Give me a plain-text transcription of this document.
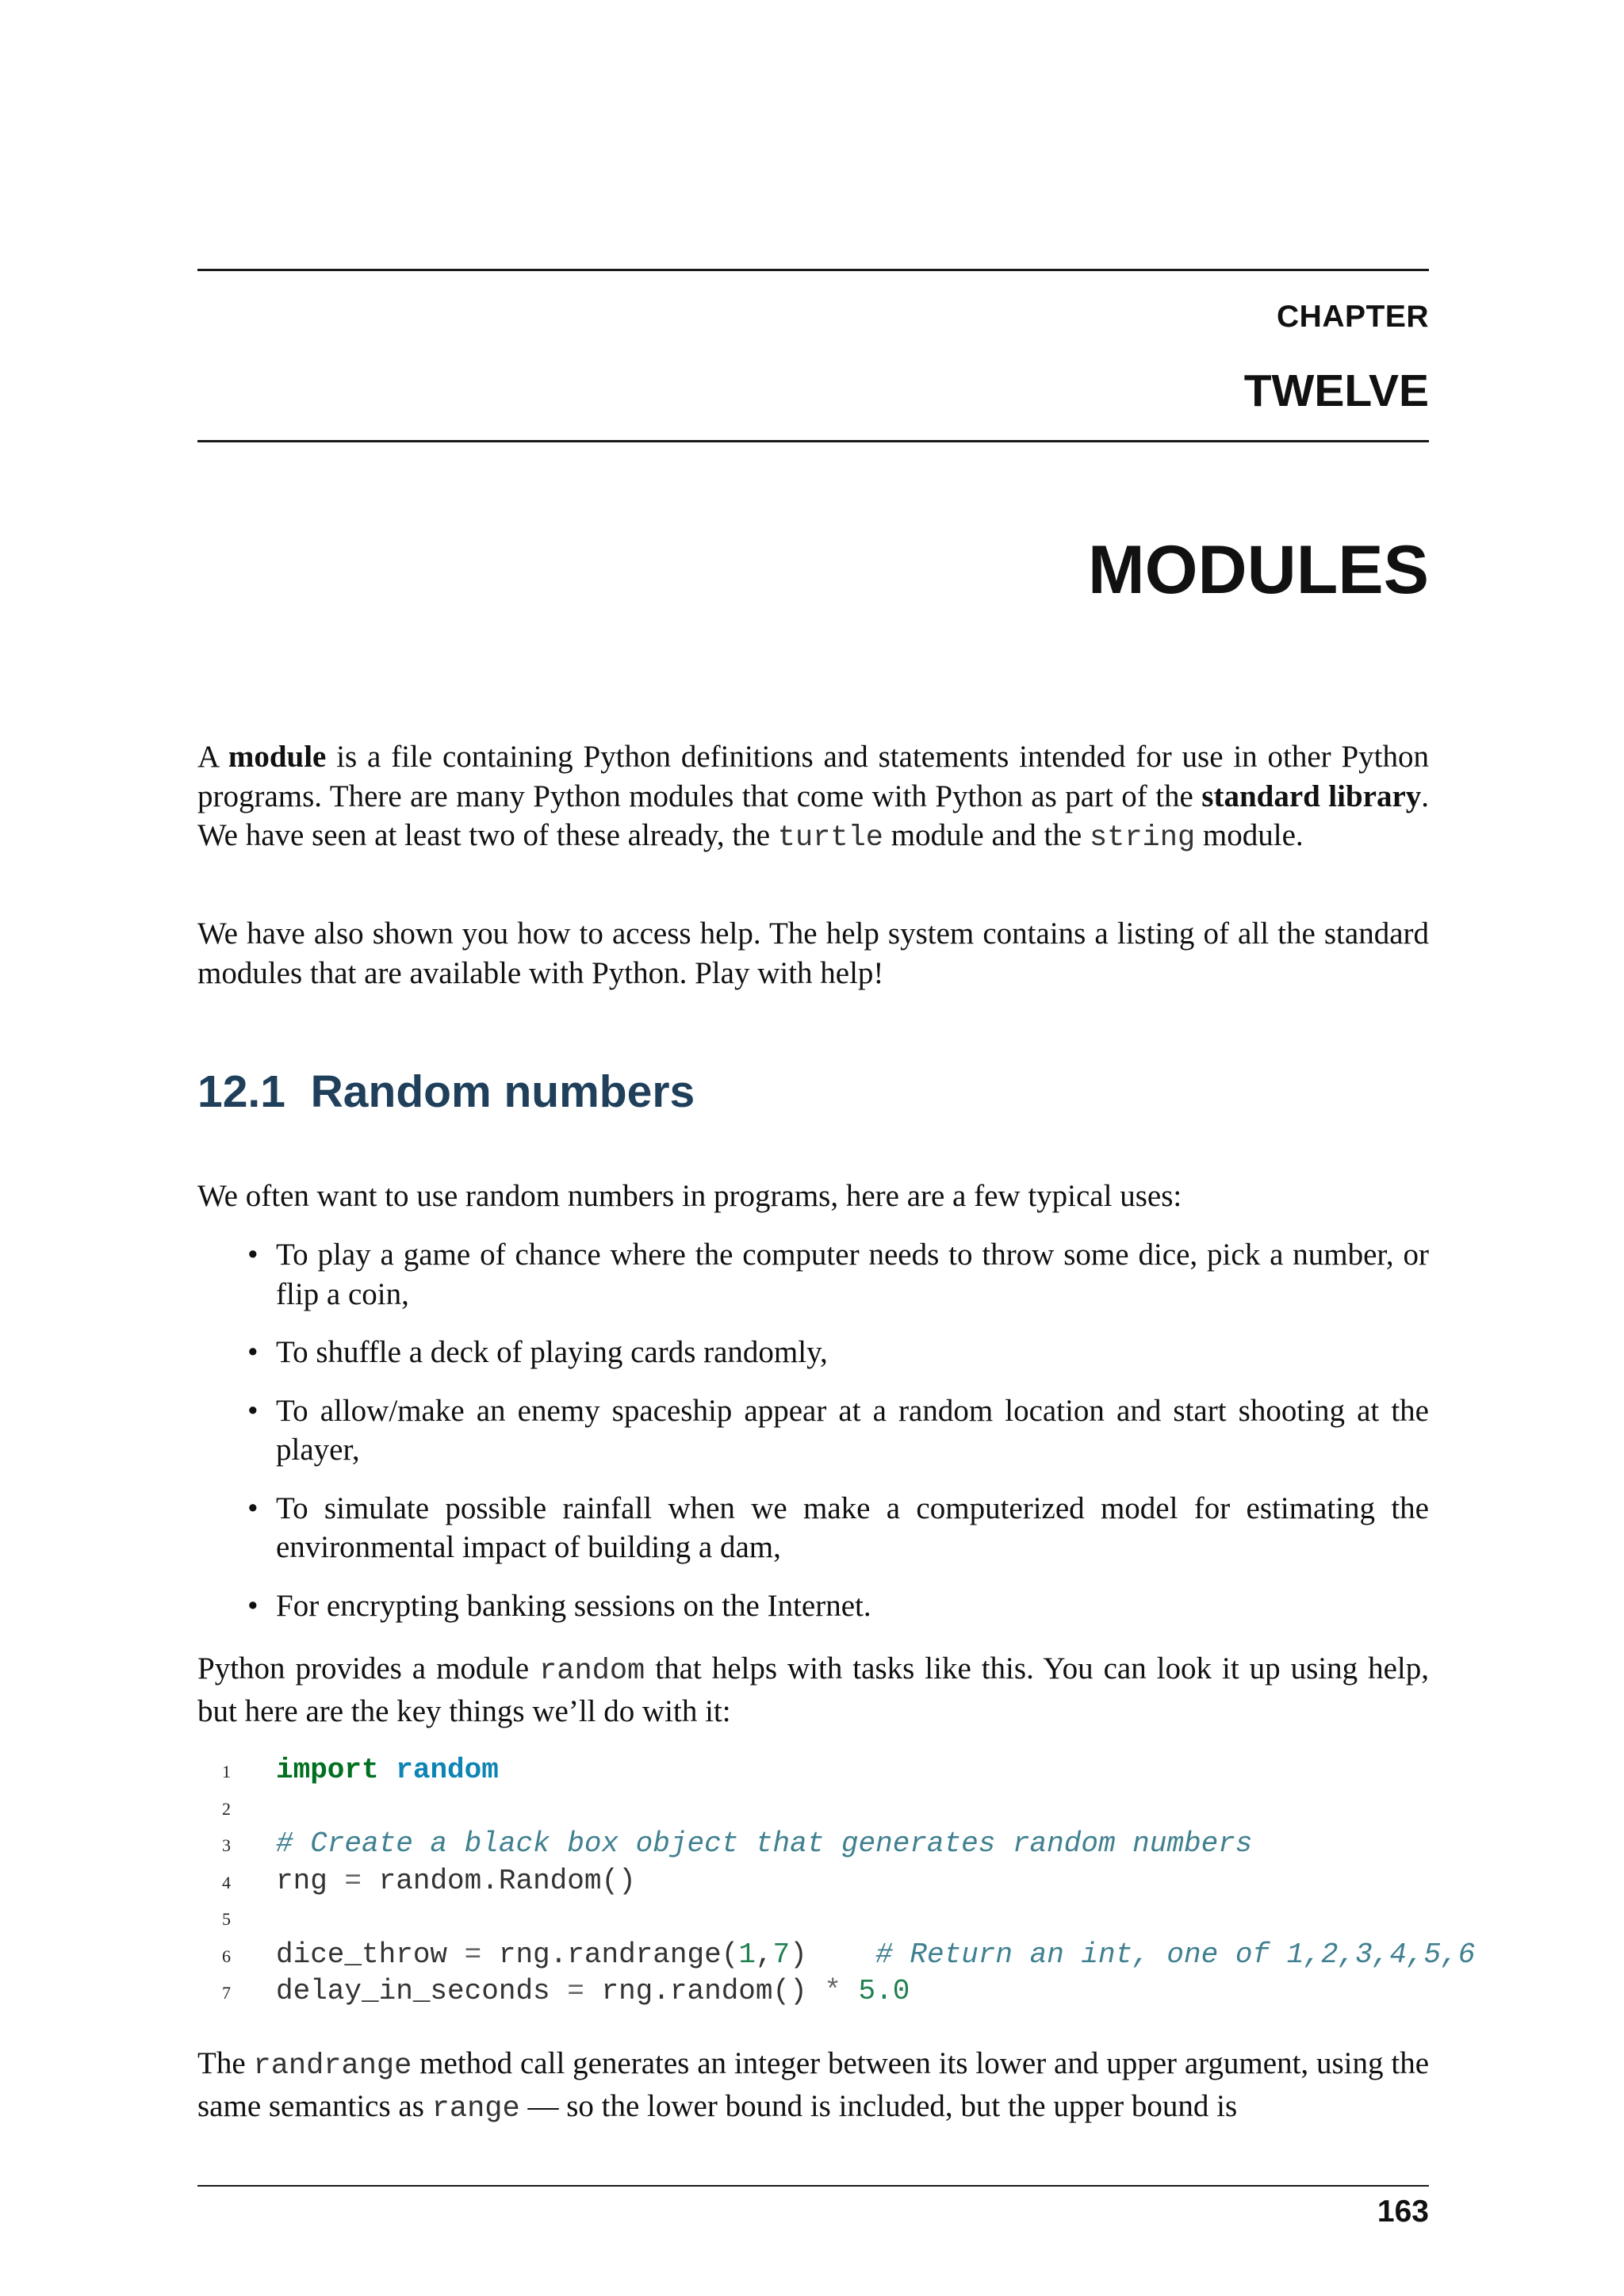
CHAPTER
TWELVE
MODULES

A module is a file containing Python definitions and statements intended for use in other Python programs. There are many Python modules that come with Python as part of the standard library. We have seen at least two of these already, the turtle module and the string module.

We have also shown you how to access help. The help system contains a listing of all the standard modules that are available with Python. Play with help!

12.1 Random numbers

We often want to use random numbers in programs, here are a few typical uses:

• To play a game of chance where the computer needs to throw some dice, pick a number, or flip a coin,
• To shuffle a deck of playing cards randomly,
• To allow/make an enemy spaceship appear at a random location and start shooting at the player,
• To simulate possible rainfall when we make a computerized model for estimating the environmental impact of building a dam,
• For encrypting banking sessions on the Internet.

Python provides a module random that helps with tasks like this. You can look it up using help, but here are the key things we’ll do with it:

1 import random
2
3 # Create a black box object that generates random numbers
4 rng = random.Random()
5
6 dice_throw = rng.randrange(1,7)    # Return an int, one of 1,2,3,4,5,6
7 delay_in_seconds = rng.random() * 5.0

The randrange method call generates an integer between its lower and upper argument, using the same semantics as range — so the lower bound is included, but the upper bound is

163
